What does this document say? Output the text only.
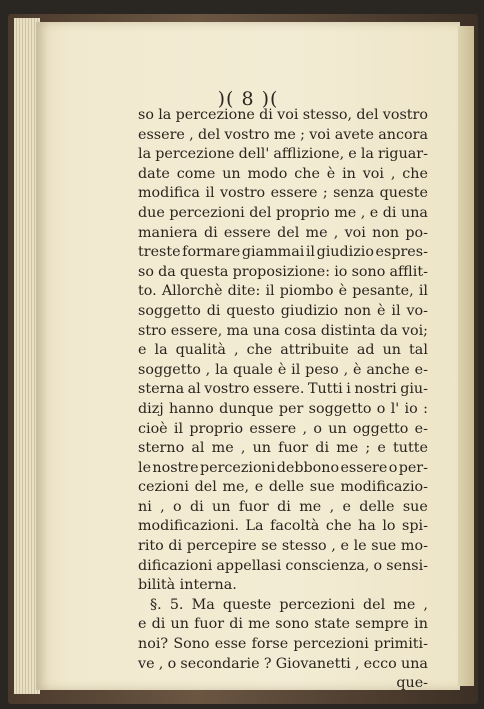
)( 8 )(
so la percezione di voi stesso, del vostro
essere , del vostro me ; voi avete ancora
la percezione dell' afflizione, e la riguar-
date come un modo che è in voi , che
modifica il vostro essere ; senza queste
due percezioni del proprio me , e di una
maniera di essere del me , voi non po-
treste formare giammai il giudizio espres-
so da questa proposizione: io sono afflit-
to. Allorchè dite: il piombo è pesante, il
soggetto di questo giudizio non è il vo-
stro essere, ma una cosa distinta da voi;
e la qualità , che attribuite ad un tal
soggetto , la quale è il peso , è anche e-
sterna al vostro essere. Tutti i nostri giu-
dizj hanno dunque per soggetto o l' io :
cioè il proprio essere , o un oggetto e-
sterno al me , un fuor di me ; e tutte
le nostre percezioni debbono essere o per-
cezioni del me, e delle sue modificazio-
ni , o di un fuor di me , e delle sue
modificazioni. La facoltà che ha lo spi-
rito di percepire se stesso , e le sue mo-
dificazioni appellasi conscienza, o sensi-
bilità interna.
§. 5. Ma queste percezioni del me ,
e di un fuor di me sono state sempre in
noi? Sono esse forse percezioni primiti-
ve , o secondarie ? Giovanetti , ecco una
que-
